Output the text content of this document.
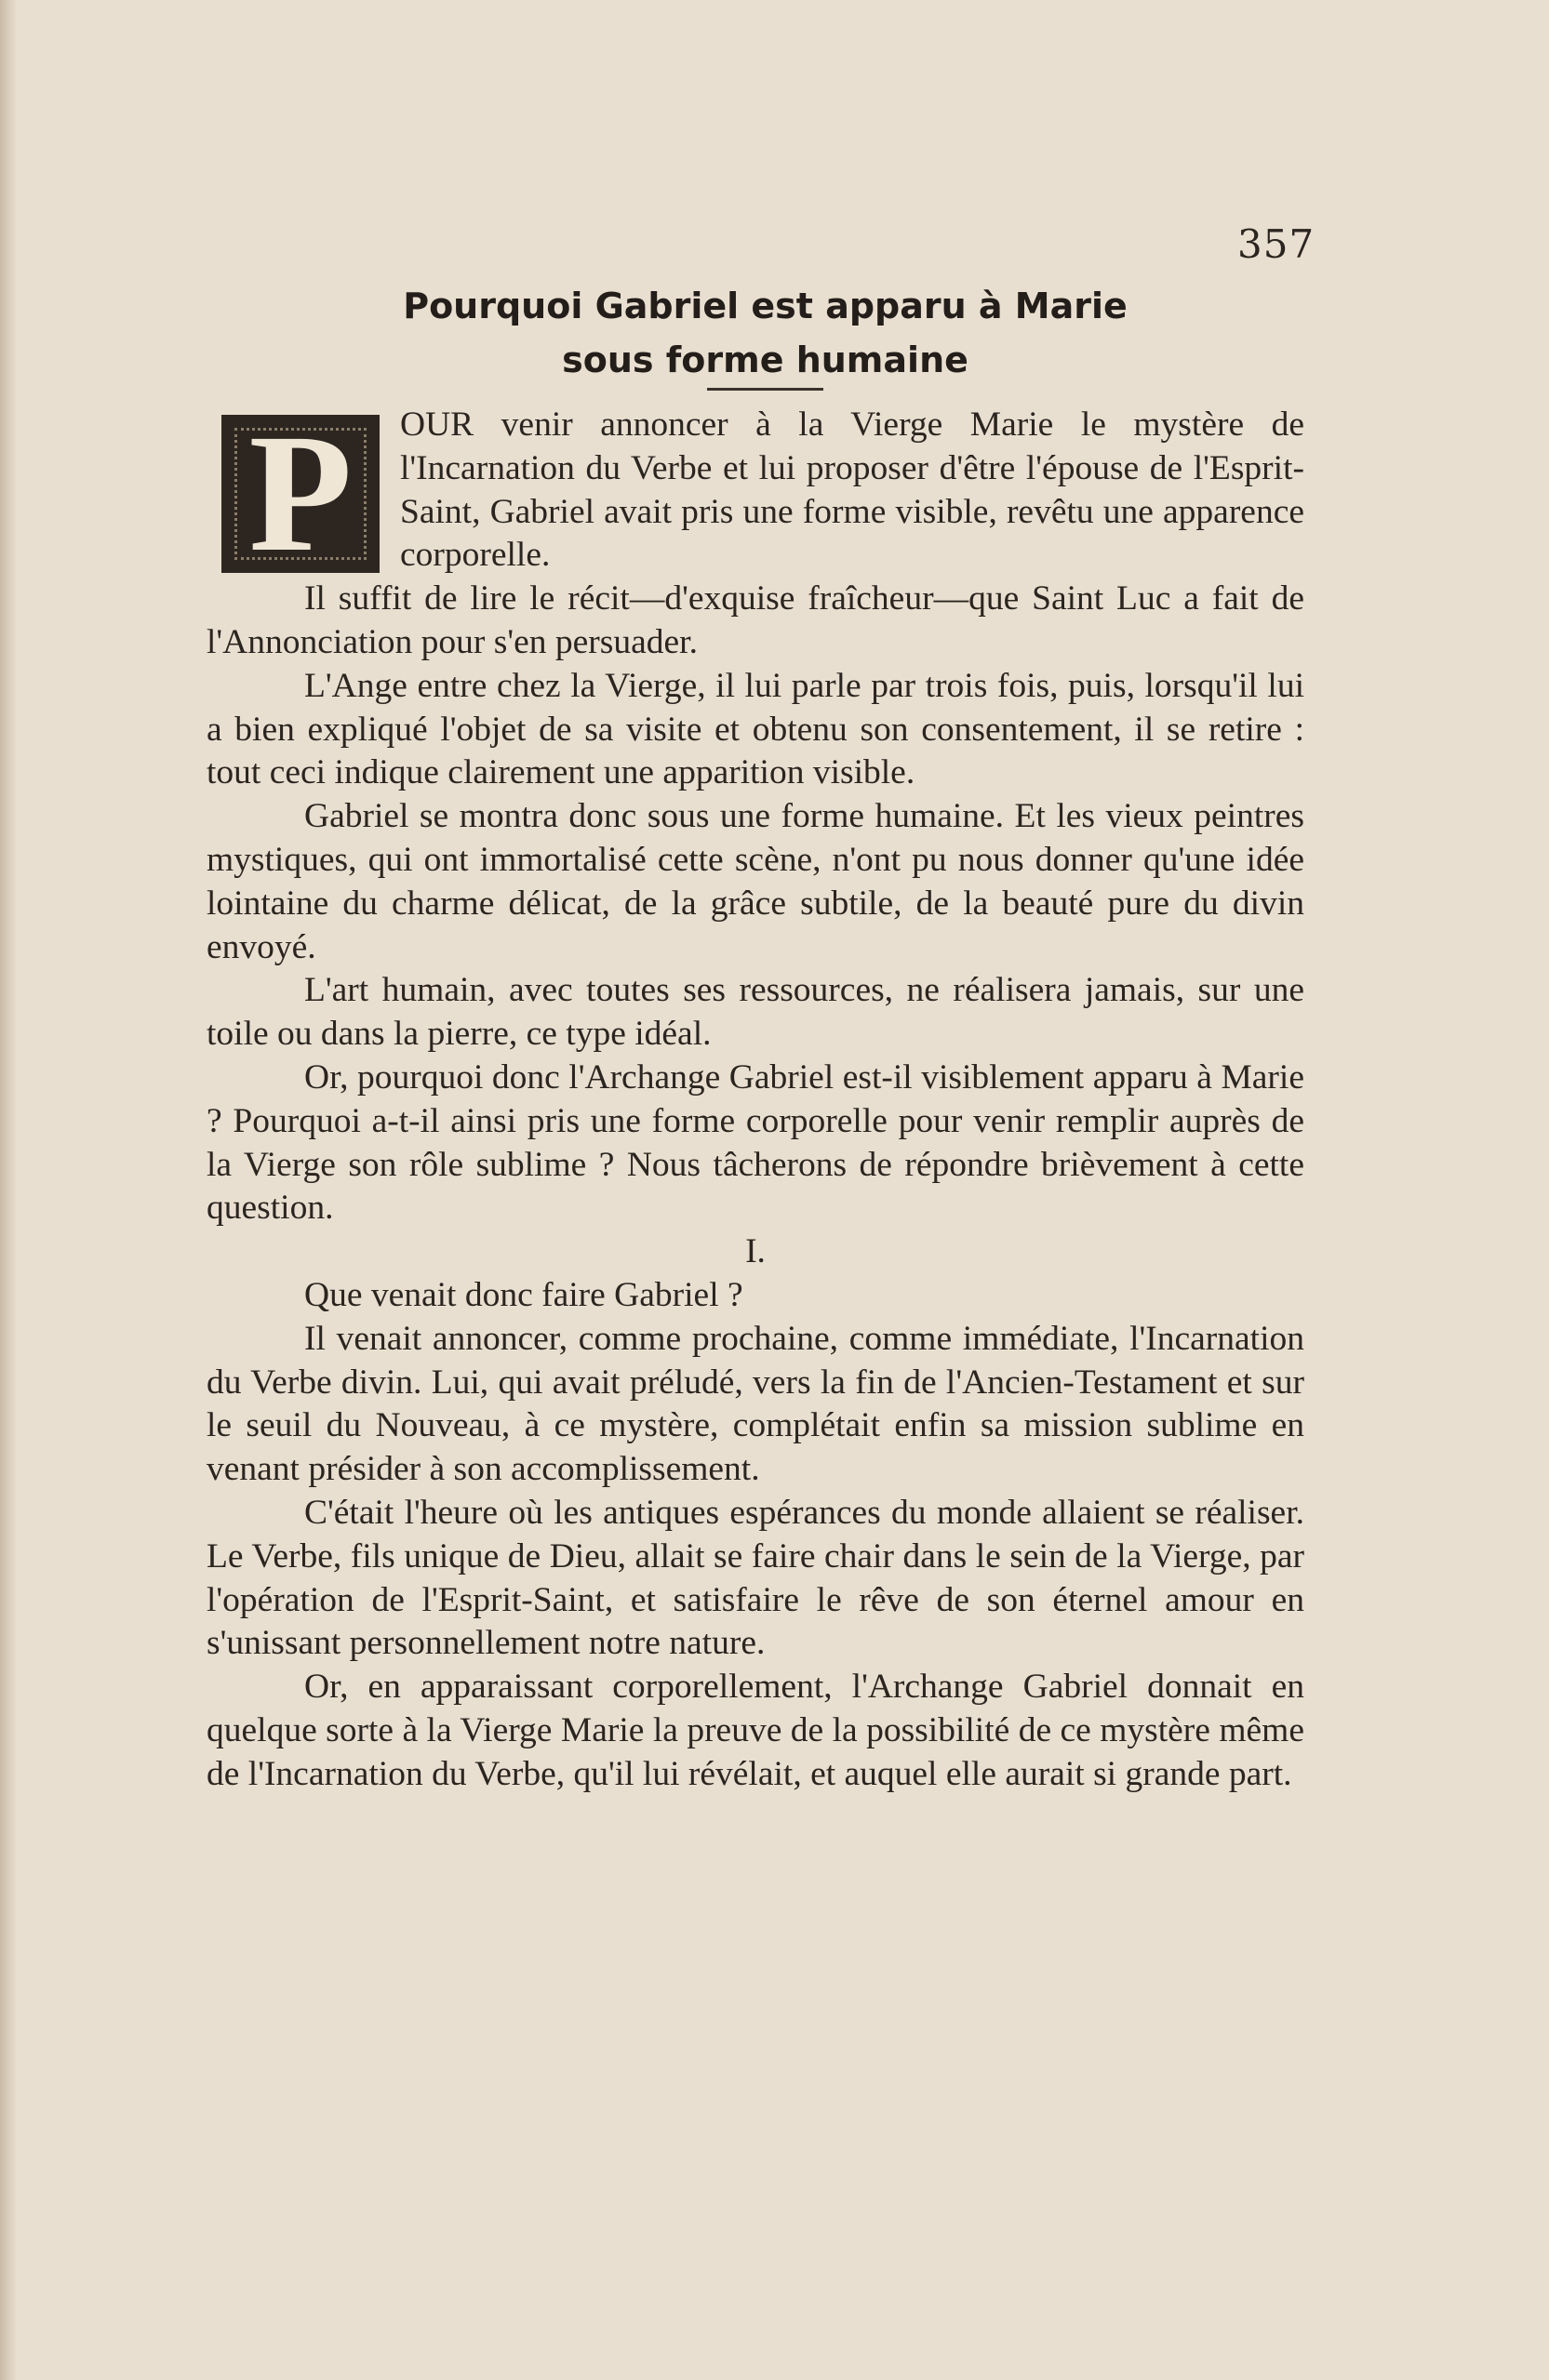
357
Pourquoi Gabriel est apparu à Marie
sous forme humaine
P	OUR venir annoncer à la Vierge Marie le mystère de l'Incarnation du Verbe et lui proposer d'être l'épouse de l'Esprit-Saint, Gabriel avait pris une forme visible, revêtu une apparence corporelle.

Il suffit de lire le récit—d'exquise fraîcheur—que Saint Luc a fait de l'Annonciation pour s'en persuader.

L'Ange entre chez la Vierge, il lui parle par trois fois, puis, lorsqu'il lui a bien expliqué l'objet de sa visite et obtenu son consentement, il se retire : tout ceci indique clairement une apparition visible.

Gabriel se montra donc sous une forme humaine. Et les vieux peintres mystiques, qui ont immortalisé cette scène, n'ont pu nous donner qu'une idée lointaine du charme délicat, de la grâce subtile, de la beauté pure du divin envoyé.

L'art humain, avec toutes ses ressources, ne réalisera jamais, sur une toile ou dans la pierre, ce type idéal.

Or, pourquoi donc l'Archange Gabriel est-il visiblement apparu à Marie ? Pourquoi a-t-il ainsi pris une forme corporelle pour venir remplir auprès de la Vierge son rôle sublime ? Nous tâcherons de répondre brièvement à cette question.

I.

Que venait donc faire Gabriel ?

Il venait annoncer, comme prochaine, comme immédiate, l'Incarnation du Verbe divin. Lui, qui avait préludé, vers la fin de l'Ancien-Testament et sur le seuil du Nouveau, à ce mystère, complétait enfin sa mission sublime en venant présider à son accomplissement.

C'était l'heure où les antiques espérances du monde allaient se réaliser. Le Verbe, fils unique de Dieu, allait se faire chair dans le sein de la Vierge, par l'opération de l'Esprit-Saint, et satisfaire le rêve de son éternel amour en s'unissant personnellement notre nature.

Or, en apparaissant corporellement, l'Archange Gabriel donnait en quelque sorte à la Vierge Marie la preuve de la possibilité de ce mystère même de l'Incarnation du Verbe, qu'il lui révélait, et auquel elle aurait si grande part.
